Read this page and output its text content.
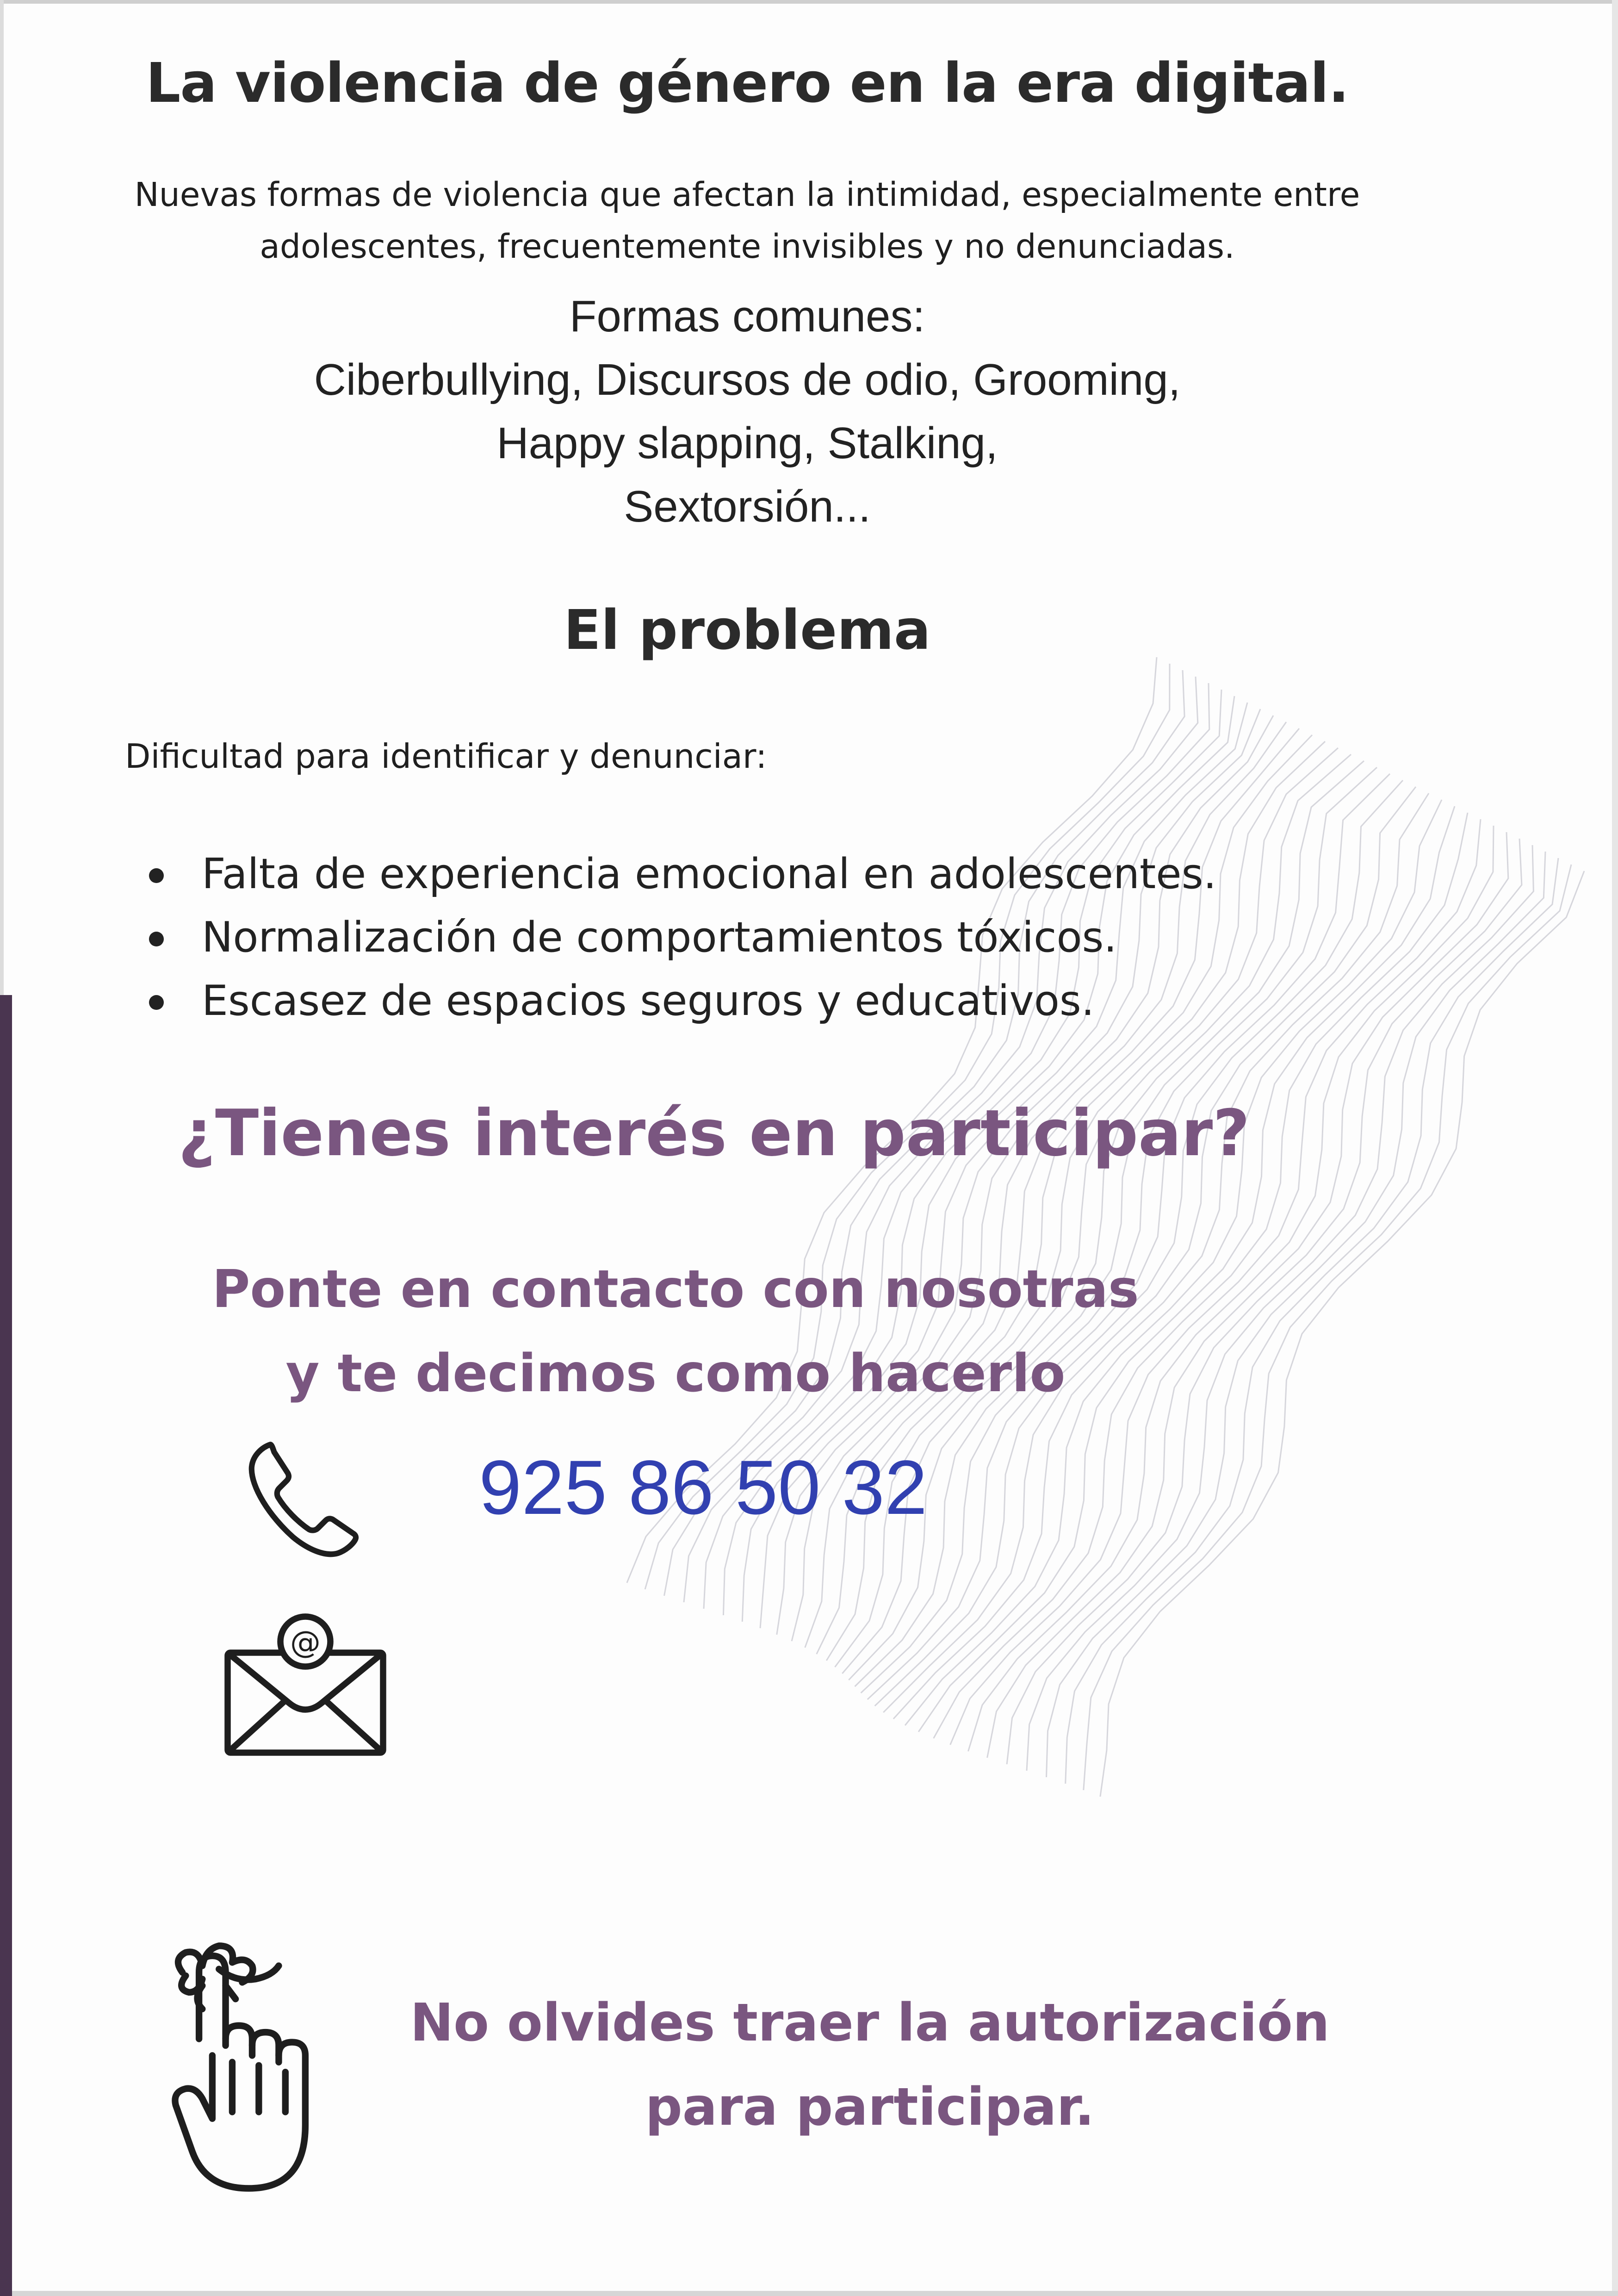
La violencia de género en la era digital.
Nuevas formas de violencia que afectan la intimidad, especialmente entre
adolescentes, frecuentemente invisibles y no denunciadas.
Formas comunes:
Ciberbullying, Discursos de odio, Grooming,
Happy slapping, Stalking,
Sextorsión...
El problema
Dificultad para identificar y denunciar:
Falta de experiencia emocional en adolescentes.
Normalización de comportamientos tóxicos.
Escasez de espacios seguros y educativos.
¿Tienes interés en participar?
Ponte en contacto con nosotras
y te decimos como hacerlo
925 86 50 32
@
No olvides traer la autorización
para participar.
